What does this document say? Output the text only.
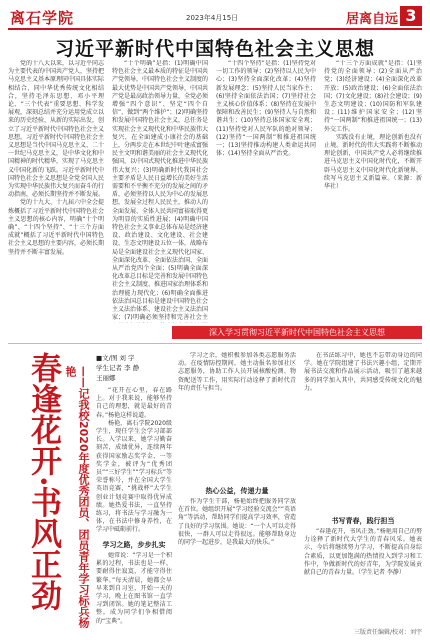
离石学院	2023年4月15日	居离自远 3
习近平新时代中国特色社会主义思想

党的十八大以来，以习近平同志为主要代表的中国共产党人，坚持把马克思主义基本原理同中国具体实际相结合、同中华优秀传统文化相结合，坚持毛泽东思想、邓小平理论、“三个代表”重要思想、科学发展观，深刻总结并充分运用党成立以来的历史经验，从新的实际出发，创立了习近平新时代中国特色社会主义思想。习近平新时代中国特色社会主义思想是当代中国马克思主义、二十一世纪马克思主义，是中华文化和中国精神的时代精华，实现了马克思主义中国化新的飞跃。习近平新时代中国特色社会主义思想是全党全国人民为实现中华民族伟大复兴而奋斗的行动指南，必须长期坚持并不断发展。

党的十九大、十九届六中全会提炼概括了习近平新时代中国特色社会主义思想的核心内容，明确“十个明确”、“十四个坚持”、“十三个方面成就”概括了习近平新时代中国特色社会主义思想的主要内容，必须长期坚持并不断丰富发展。

“十个明确”是指：(1)明确中国特色社会主义最本质的特征是中国共产党领导，中国特色社会主义制度的最大优势是中国共产党领导，中国共产党是最高政治领导力量，全党必须增强“四个意识”、坚定“四个自信”、做到“两个维护”；(2)明确坚持和发展中国特色社会主义，总任务是实现社会主义现代化和中华民族伟大复兴，在全面建成小康社会的基础上，分两步走在本世纪中叶建成富强民主文明和谐美丽的社会主义现代化强国，以中国式现代化推进中华民族伟大复兴；(3)明确新时代我国社会主要矛盾是人民日益增长的美好生活需要和不平衡不充分的发展之间的矛盾，必须坚持以人民为中心的发展思想，发展全过程人民民主，推动人的全面发展、全体人民共同富裕取得更为明显的实质性进展；(4)明确中国特色社会主义事业总体布局是经济建设、政治建设、文化建设、社会建设、生态文明建设五位一体，战略布局是全面建设社会主义现代化国家、全面深化改革、全面依法治国、全面从严治党四个全面；(5)明确全面深化改革总目标是完善和发展中国特色社会主义制度、推进国家治理体系和治理能力现代化；(6)明确全面推进依法治国总目标是建设中国特色社会主义法治体系、建设社会主义法治国家；(7)明确必须坚持和完善社会主

“十四个坚持”是指：(1)坚持党对一切工作的领导；(2)坚持以人民为中心；(3)坚持全面深化改革；(4)坚持新发展理念；(5)坚持人民当家作主；(6)坚持全面依法治国；(7)坚持社会主义核心价值体系；(8)坚持在发展中保障和改善民生；(9)坚持人与自然和谐共生；(10)坚持总体国家安全观；(11)坚持党对人民军队的绝对领导；(12)坚持“一国两制”和推进祖国统一；(13)坚持推动构建人类命运共同体；(14)坚持全面从严治党。

“十三个方面成就”是指：(1)坚持党的全面领导；(2)全面从严治党；(3)经济建设；(4)全面深化改革开放；(5)政治建设；(6)全面依法治国；(7)文化建设；(8)社会建设；(9)生态文明建设；(10)国防和军队建设；(11)维护国家安全；(12)坚持“一国两制”和推进祖国统一；(13)外交工作。

实践没有止境，理论创新也没有止境。新时代的伟大实践将不断推动理论创新，中国共产党人必将继续推进马克思主义中国化时代化，不断开辟马克思主义中国化时代化新境界，续写马克思主义新篇章。（来源：新华社）

深入学习贯彻习近平新时代中国特色社会主义思想
春逢花开·书风正劲	——记我校2020年度优秀团员、团员青年学习标兵杨艳
■文/图 刘 宇
学生记者 李 静
王丽娜

“花开在心里，春在路上。对于我来说，能够坚持自己的理想，就是最好的青春。”杨艳这样说道。

杨艳，离石学院2020级学生，现任学生会学习部部长。入学以来，她学习勤奋刻苦，成绩优异，连续两年获得国家励志奖学金、一等奖学金，被评为“优秀团员”“三好学生”“学习标兵”等荣誉称号，并在全国大学生英语竞赛、“挑战杯”大学生创业计划竞赛中取得优异成绩。她热爱书法，一直坚持练习，将书法与学习融为一体，在书法中修身养性，在学习中砥砺前行。

学习之路，步步扎实

她常说：“学习是一个积累的过程，书法也是一样，要耐得住寂寞，才能守得住繁华。”每天清晨，她都会早早来到自习室，开始一天的学习，晚上在图书馆一直学习到闭馆。她的笔记整洁工整，成为同学们争相借阅的“宝典”。

学习之余，她积极参加各类志愿服务活动。在疫情防控期间，她主动报名参加社区志愿服务，协助工作人员开展核酸检测、物资配送等工作，用实际行动诠释了新时代青年的责任与担当。

热心公益，传递力量

作为学生干部，杨艳始终把服务同学放在首位。她组织开展“学习经验交流会”“英语角”等活动，帮助同学们提高学习效率，营造了良好的学习氛围。她说：“一个人可以走得很快，一群人可以走得很远。能够帮助身边的同学一起进步，是我最大的快乐。”

在书法练习中，她也不忘带动身边的同学。她在学院组建了书法兴趣小组，定期开展书法交流和作品展示活动，吸引了越来越多的同学加入其中，共同感受传统文化的魅力。

书写青春，践行担当

“春逢花开，书风正劲。”杨艳用自己的努力诠释了新时代大学生的青春风采。她表示，今后将继续努力学习，不断提高自身综合素质，以更加饱满的热情投入到学习和工作中，争做新时代的好青年，为学院发展贡献自己的青春力量。（学生记者 李静）

三版责任编辑/校对：刘宇
